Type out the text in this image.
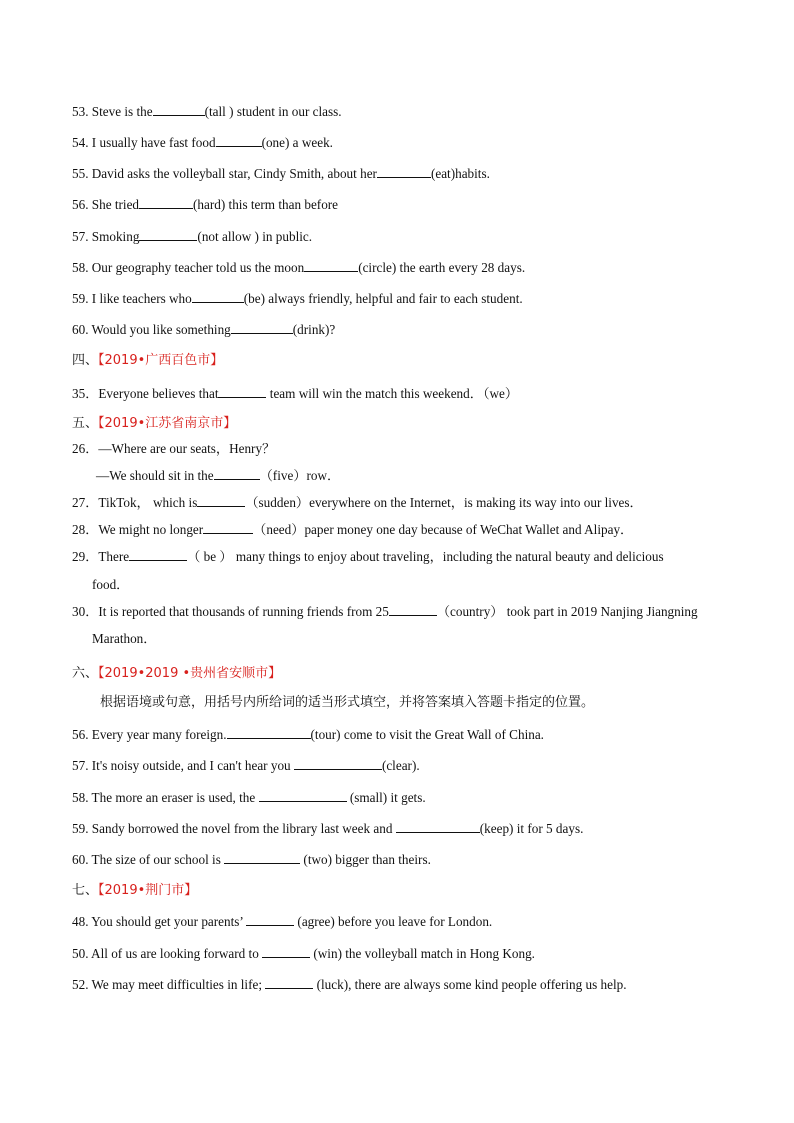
53. Steve is the	(tall ) student in our class.
54. I usually have fast food	(one) a week.
55. David asks the volleyball star, Cindy Smith, about her	(eat)habits.
56. She tried	(hard) this term than before
57. Smoking	(not allow ) in public.
58. Our geography teacher told us the moon	(circle) the earth every 28 days.
59. I like teachers who	(be) always friendly, helpful and fair to each student.
60. Would you like something	(drink)?
四、【2019•广西百色市】
35．Everyone believes that	team will win the match this weekend．（we）
五、【2019•江苏省南京市】
26．—Where are our seats，Henry？
—We should sit in the	（five）row．
27．TikTok， which is	（sudden）everywhere on the Internet，is making its way into our lives．
28．We might no longer	（need）paper money one day because of WeChat Wallet and Alipay．
29．There	（ be ） many things to enjoy about traveling，including the natural beauty and delicious
food．
30．It is reported that thousands of running friends from 25	（country） took part in 2019 Nanjing Jiangning
Marathon．
六、【2019•2019 •贵州省安顺市】
根据语境或句意，用括号内所给词的适当形式填空，并将答案填入答题卡指定的位置。
56. Every year many foreign.	(tour) come to visit the Great Wall of China.
57. It's noisy outside, and I can't hear you	(clear).
58. The more an eraser is used, the	(small) it gets.
59. Sandy borrowed the novel from the library last week and	(keep) it for 5 days.
60. The size of our school is	(two) bigger than theirs.
七、【2019•荆门市】
48. You should get your parents’	(agree) before you leave for London.
50. All of us are looking forward to	(win) the volleyball match in Hong Kong.
52. We may meet difficulties in life;	(luck), there are always some kind people offering us help.
